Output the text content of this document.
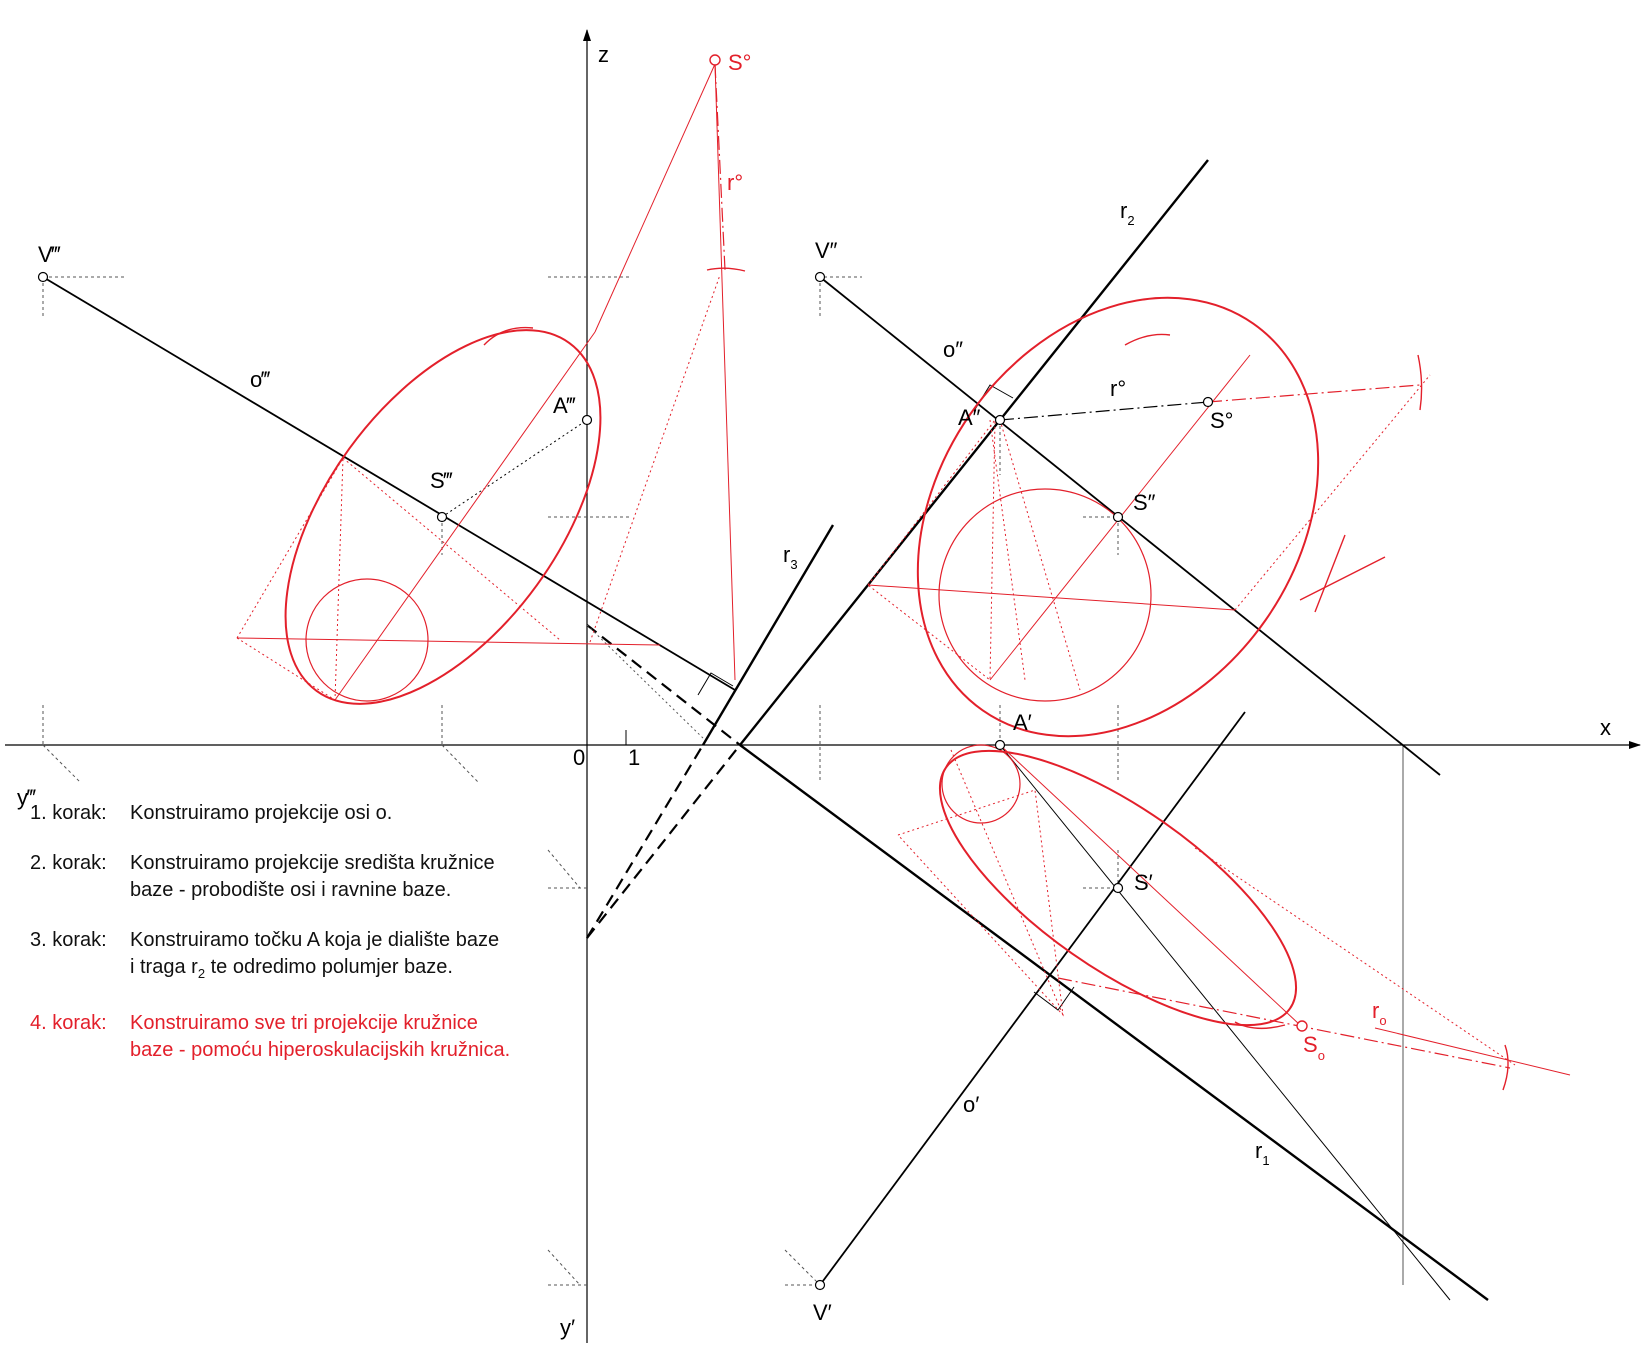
z
x
y‴
y′
0 1
V‴	V″
V′
o‴
o″
o′
A‴	A″
A′
S‴
S″
S′
S°
S°
$S_o$
r°
r°
$r_o$
$r_1$
$r_2$
$r_3$
1. korak:	Konstruiramo projekcije osi o.
2. korak:	Konstruiramo projekcije središta kružnice
baze - probodište osi i ravnine baze.
3. korak:	Konstruiramo točku A koja je dialište baze
i traga $r_2$ te odredimo polumjer baze.
4. korak:	Konstruiramo sve tri projekcije kružnice
baze - pomoću hiperoskulacijskih kružnica.
